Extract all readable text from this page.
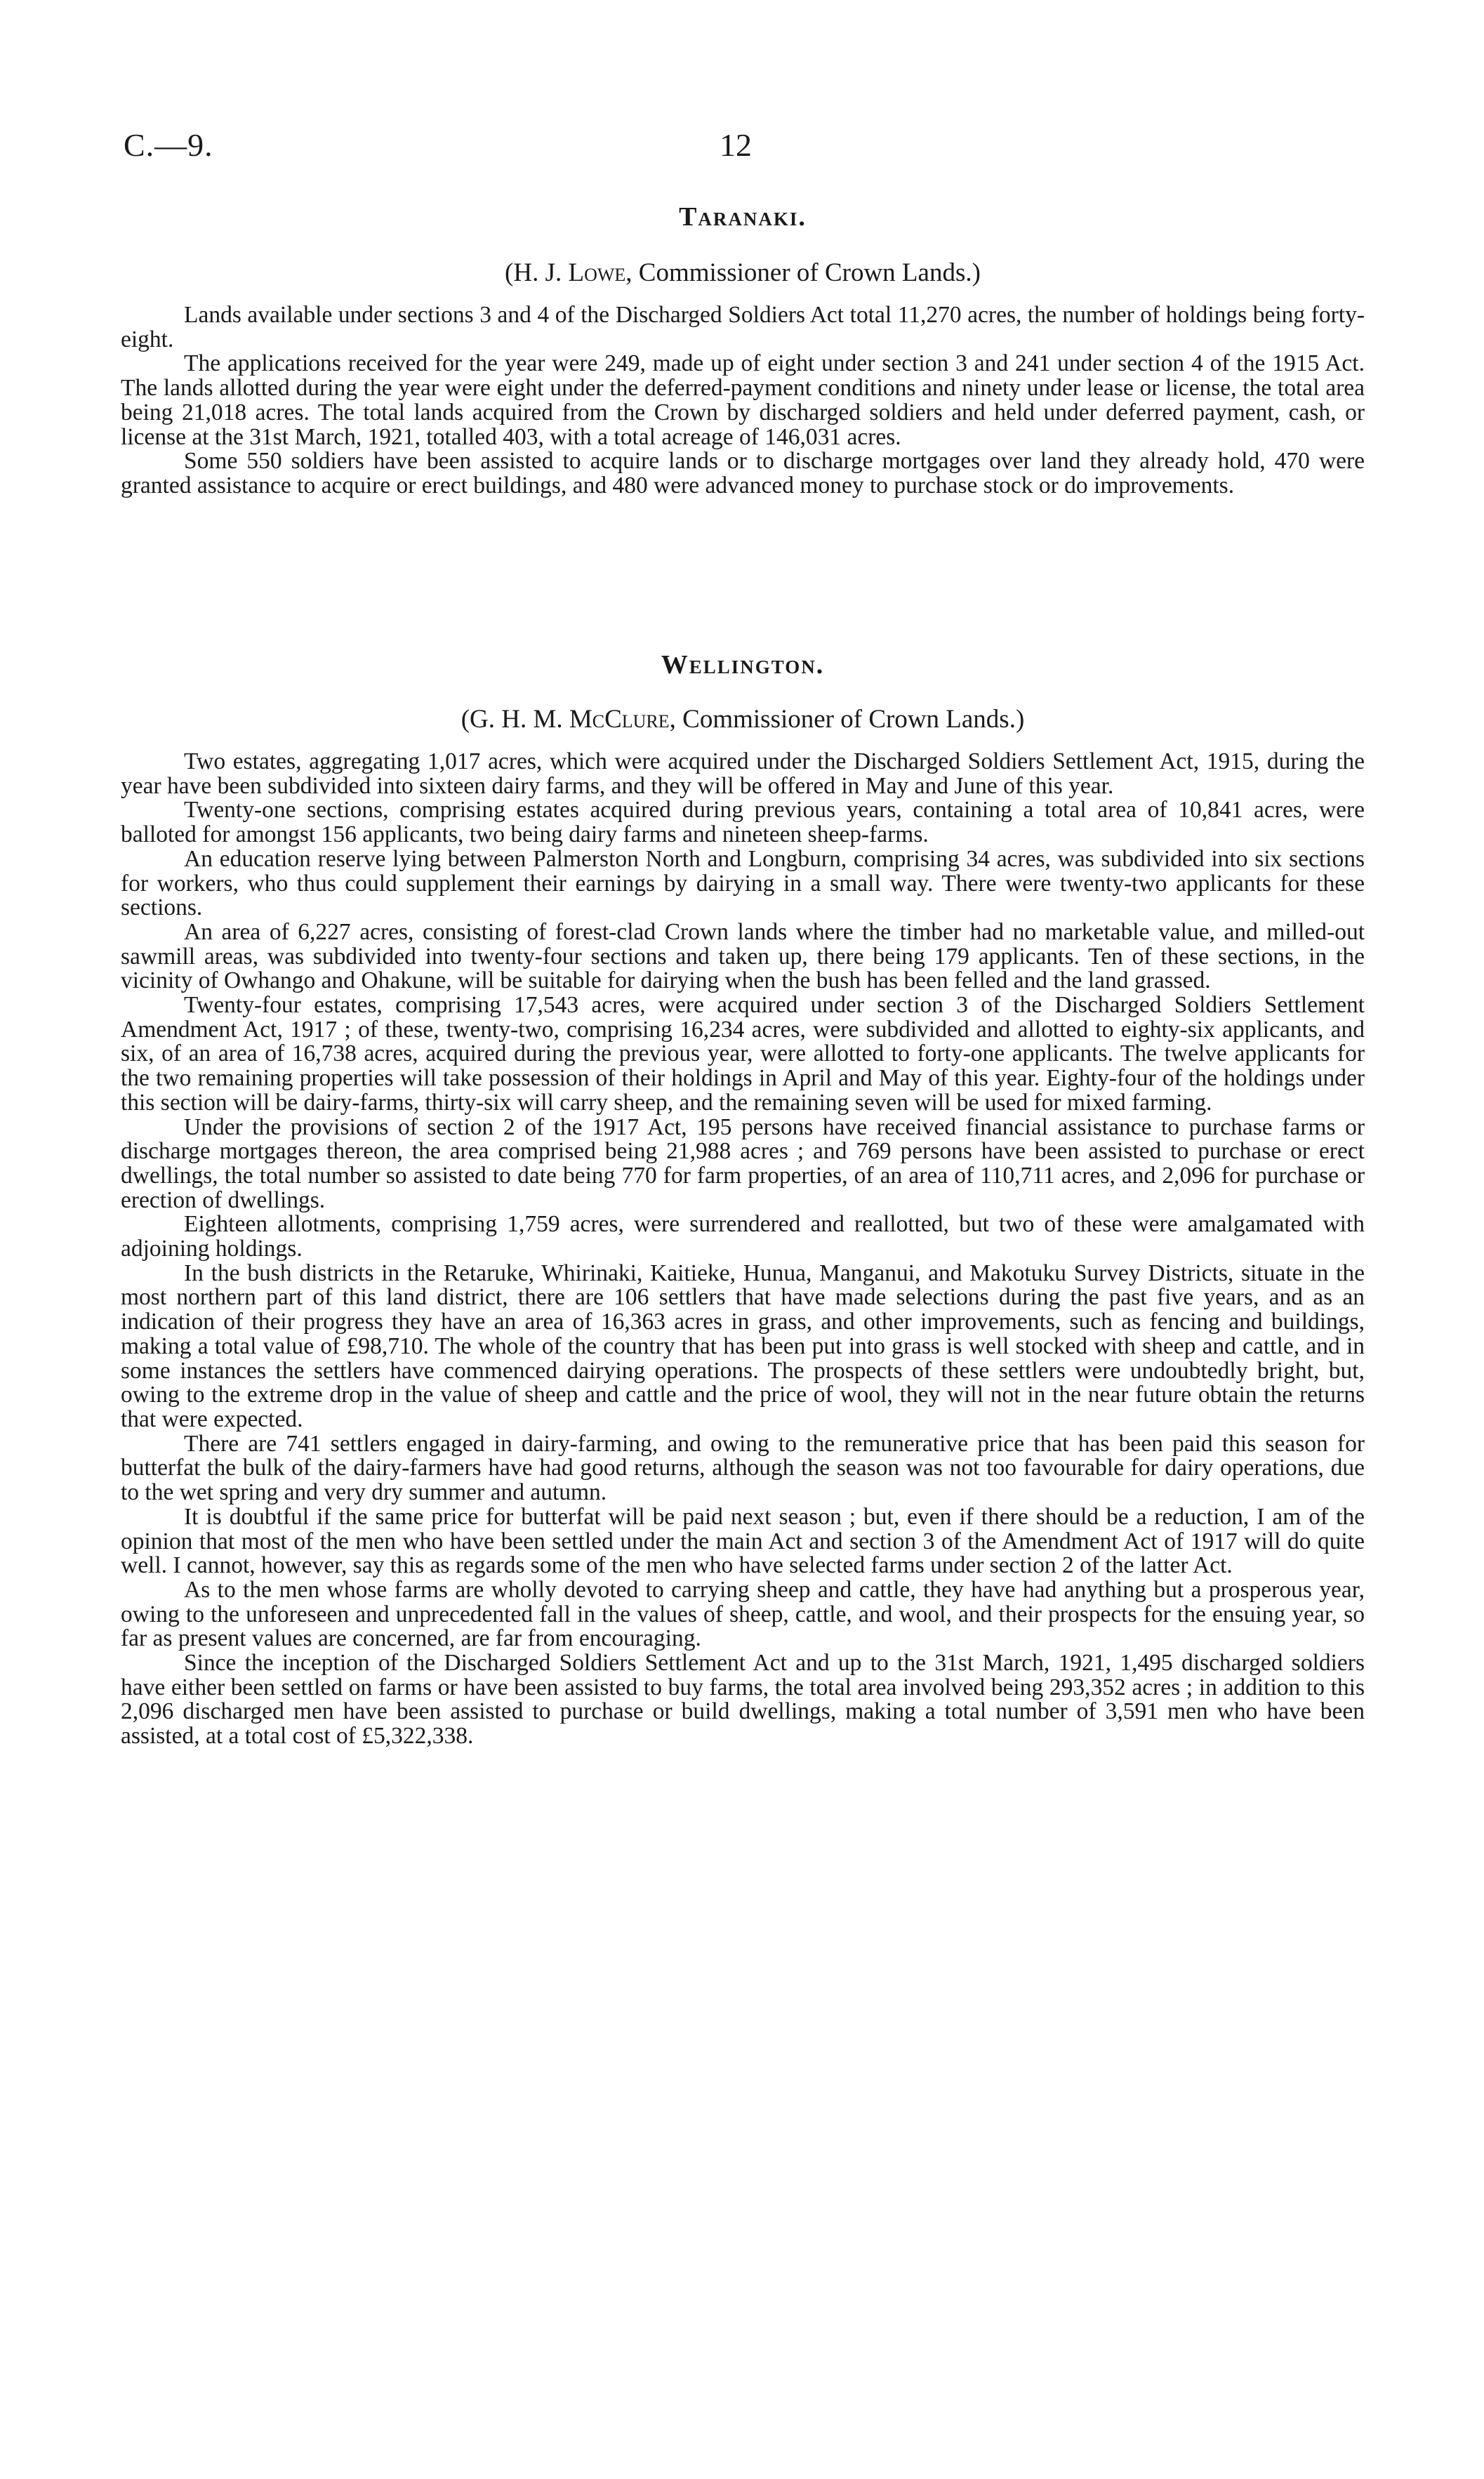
C.—9.	12
Taranaki.

(H. J. Lowe, Commissioner of Crown Lands.)

Lands available under sections 3 and 4 of the Discharged Soldiers Act total 11,270 acres, the number of holdings being forty-eight.

The applications received for the year were 249, made up of eight under section 3 and 241 under section 4 of the 1915 Act. The lands allotted during the year were eight under the deferred-payment conditions and ninety under lease or license, the total area being 21,018 acres. The total lands acquired from the Crown by discharged soldiers and held under deferred payment, cash, or license at the 31st March, 1921, totalled 403, with a total acreage of 146,031 acres.

Some 550 soldiers have been assisted to acquire lands or to discharge mortgages over land they already hold, 470 were granted assistance to acquire or erect buildings, and 480 were advanced money to purchase stock or do improvements.

Wellington.

(G. H. M. McClure, Commissioner of Crown Lands.)

Two estates, aggregating 1,017 acres, which were acquired under the Discharged Soldiers Settlement Act, 1915, during the year have been subdivided into sixteen dairy farms, and they will be offered in May and June of this year.

Twenty-one sections, comprising estates acquired during previous years, containing a total area of 10,841 acres, were balloted for amongst 156 applicants, two being dairy farms and nineteen sheep-farms.

An education reserve lying between Palmerston North and Longburn, comprising 34 acres, was subdivided into six sections for workers, who thus could supplement their earnings by dairying in a small way. There were twenty-two applicants for these sections.

An area of 6,227 acres, consisting of forest-clad Crown lands where the timber had no marketable value, and milled-out sawmill areas, was subdivided into twenty-four sections and taken up, there being 179 applicants. Ten of these sections, in the vicinity of Owhango and Ohakune, will be suitable for dairying when the bush has been felled and the land grassed.

Twenty-four estates, comprising 17,543 acres, were acquired under section 3 of the Discharged Soldiers Settlement Amendment Act, 1917 ; of these, twenty-two, comprising 16,234 acres, were subdivided and allotted to eighty-six applicants, and six, of an area of 16,738 acres, acquired during the previous year, were allotted to forty-one applicants. The twelve applicants for the two remaining properties will take possession of their holdings in April and May of this year. Eighty-four of the holdings under this section will be dairy-farms, thirty-six will carry sheep, and the remaining seven will be used for mixed farming.

Under the provisions of section 2 of the 1917 Act, 195 persons have received financial assistance to purchase farms or discharge mortgages thereon, the area comprised being 21,988 acres ; and 769 persons have been assisted to purchase or erect dwellings, the total number so assisted to date being 770 for farm properties, of an area of 110,711 acres, and 2,096 for purchase or erection of dwellings.

Eighteen allotments, comprising 1,759 acres, were surrendered and reallotted, but two of these were amalgamated with adjoining holdings.

In the bush districts in the Retaruke, Whirinaki, Kaitieke, Hunua, Manganui, and Makotuku Survey Districts, situate in the most northern part of this land district, there are 106 settlers that have made selections during the past five years, and as an indication of their progress they have an area of 16,363 acres in grass, and other improvements, such as fencing and buildings, making a total value of £98,710. The whole of the country that has been put into grass is well stocked with sheep and cattle, and in some instances the settlers have commenced dairying operations. The prospects of these settlers were undoubtedly bright, but, owing to the extreme drop in the value of sheep and cattle and the price of wool, they will not in the near future obtain the returns that were expected.

There are 741 settlers engaged in dairy-farming, and owing to the remunerative price that has been paid this season for butterfat the bulk of the dairy-farmers have had good returns, although the season was not too favourable for dairy operations, due to the wet spring and very dry summer and autumn.

It is doubtful if the same price for butterfat will be paid next season ; but, even if there should be a reduction, I am of the opinion that most of the men who have been settled under the main Act and section 3 of the Amendment Act of 1917 will do quite well. I cannot, however, say this as regards some of the men who have selected farms under section 2 of the latter Act.

As to the men whose farms are wholly devoted to carrying sheep and cattle, they have had anything but a prosperous year, owing to the unforeseen and unprecedented fall in the values of sheep, cattle, and wool, and their prospects for the ensuing year, so far as present values are concerned, are far from encouraging.

Since the inception of the Discharged Soldiers Settlement Act and up to the 31st March, 1921, 1,495 discharged soldiers have either been settled on farms or have been assisted to buy farms, the total area involved being 293,352 acres ; in addition to this 2,096 discharged men have been assisted to purchase or build dwellings, making a total number of 3,591 men who have been assisted, at a total cost of £5,322,338.
